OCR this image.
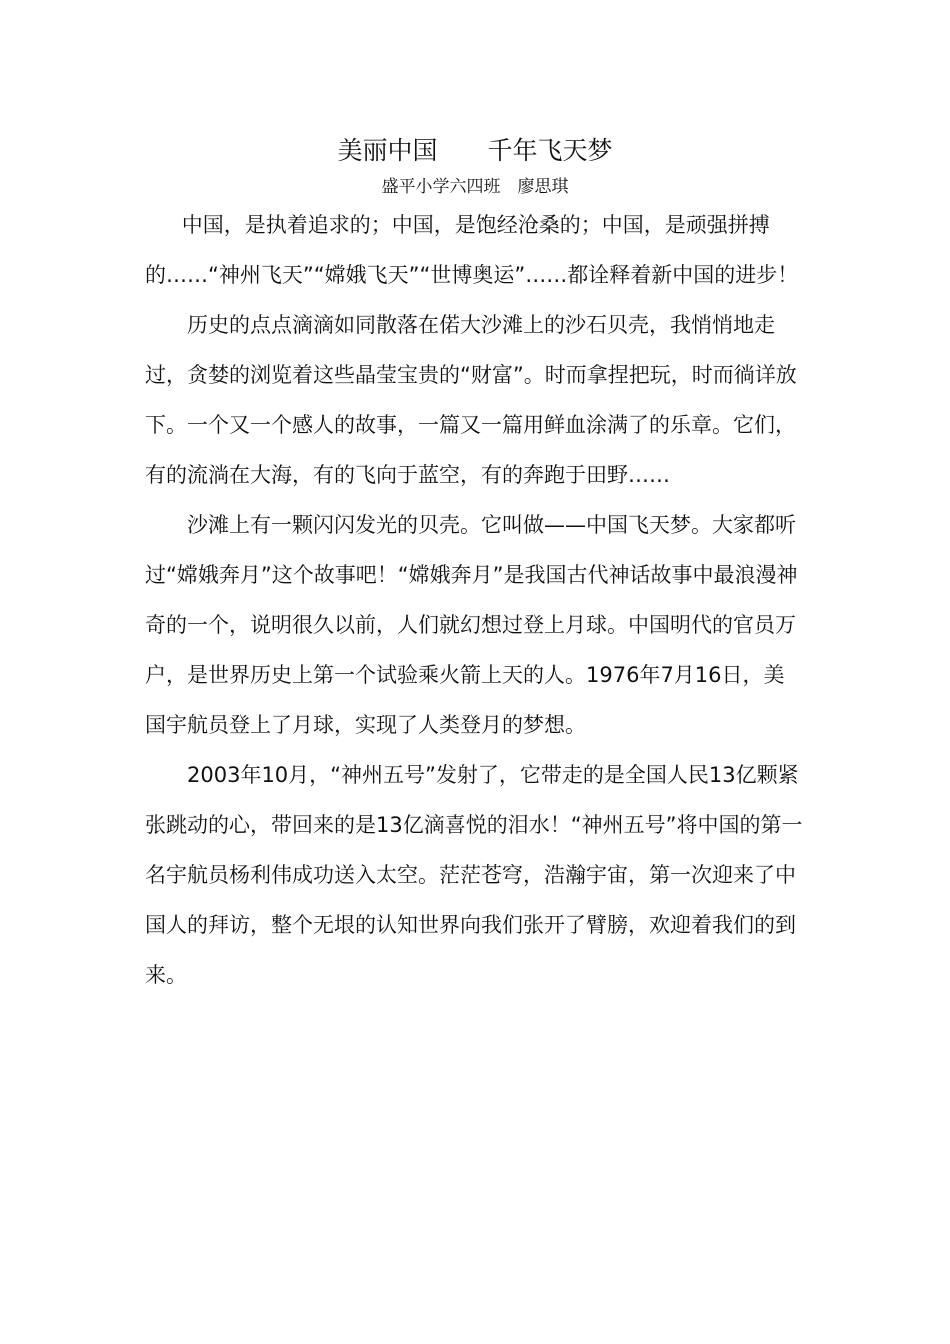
美丽中国　　千年飞天梦
盛平小学六四班　廖思琪

中国，是执着追求的；中国，是饱经沧桑的；中国，是顽强拼搏的……“神州飞天”“嫦娥飞天”“世博奥运”……都诠释着新中国的进步！

历史的点点滴滴如同散落在偌大沙滩上的沙石贝壳，我悄悄地走过，贪婪的浏览着这些晶莹宝贵的“财富”。时而拿捏把玩，时而徜详放下。一个又一个感人的故事，一篇又一篇用鲜血涂满了的乐章。它们，有的流淌在大海，有的飞向于蓝空，有的奔跑于田野……

沙滩上有一颗闪闪发光的贝壳。它叫做——中国飞天梦。大家都听过“嫦娥奔月”这个故事吧！“嫦娥奔月”是我国古代神话故事中最浪漫神奇的一个，说明很久以前，人们就幻想过登上月球。中国明代的官员万户，是世界历史上第一个试验乘火箭上天的人。1976年7月16日，美国宇航员登上了月球，实现了人类登月的梦想。

2003年10月，“神州五号”发射了，它带走的是全国人民13亿颗紧张跳动的心，带回来的是13亿滴喜悦的泪水！“神州五号”将中国的第一名宇航员杨利伟成功送入太空。茫茫苍穹，浩瀚宇宙，第一次迎来了中国人的拜访，整个无垠的认知世界向我们张开了臂膀，欢迎着我们的到来。
